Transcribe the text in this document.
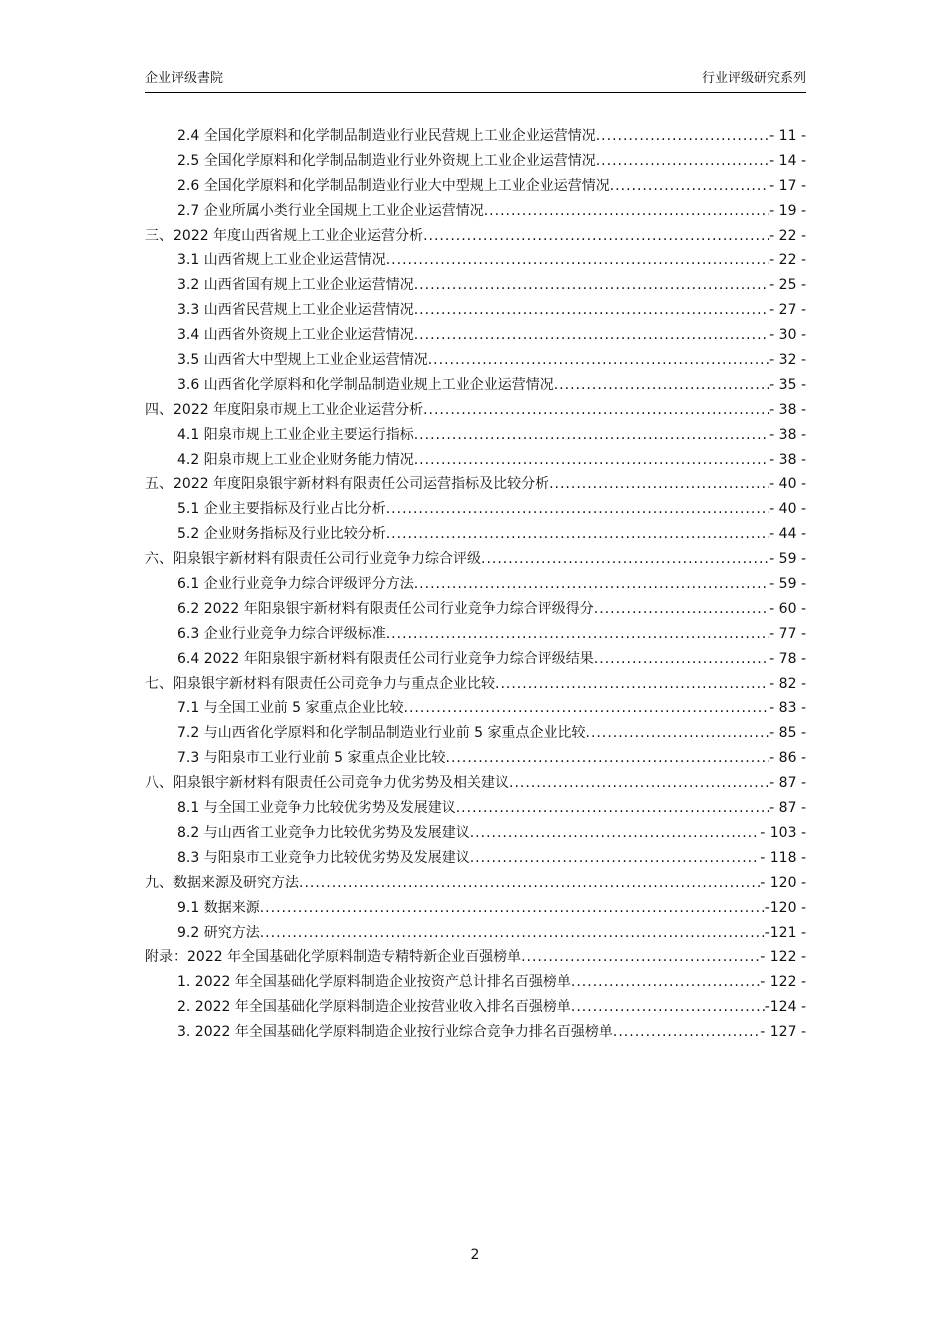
企业评级書院	行业评级研究系列
2.4 全国化学原料和化学制品制造业行业民营规上工业企业运营情况 .....	- 11 -
2.5 全国化学原料和化学制品制造业行业外资规上工业企业运营情况 .....	- 14 -
2.6 全国化学原料和化学制品制造业行业大中型规上工业企业运营情况 .....	- 17 -
2.7 企业所属小类行业全国规上工业企业运营情况 .....	- 19 -
三、2022 年度山西省规上工业企业运营分析 .....	- 22 -
3.1 山西省规上工业企业运营情况 .....	- 22 -
3.2 山西省国有规上工业企业运营情况 .....	- 25 -
3.3 山西省民营规上工业企业运营情况 .....	- 27 -
3.4 山西省外资规上工业企业运营情况 .....	- 30 -
3.5 山西省大中型规上工业企业运营情况 .....	- 32 -
3.6 山西省化学原料和化学制品制造业规上工业企业运营情况 .....	- 35 -
四、2022 年度阳泉市规上工业企业运营分析 .....	- 38 -
4.1 阳泉市规上工业企业主要运行指标 .....	- 38 -
4.2 阳泉市规上工业企业财务能力情况 .....	- 38 -
五、2022 年度阳泉银宇新材料有限责任公司运营指标及比较分析 .....	- 40 -
5.1 企业主要指标及行业占比分析 .....	- 40 -
5.2 企业财务指标及行业比较分析 .....	- 44 -
六、阳泉银宇新材料有限责任公司行业竞争力综合评级 .....	- 59 -
6.1 企业行业竞争力综合评级评分方法 .....	- 59 -
6.2 2022 年阳泉银宇新材料有限责任公司行业竞争力综合评级得分 .....	- 60 -
6.3 企业行业竞争力综合评级标准 .....	- 77 -
6.4 2022 年阳泉银宇新材料有限责任公司行业竞争力综合评级结果 .....	- 78 -
七、阳泉银宇新材料有限责任公司竞争力与重点企业比较 .....	- 82 -
7.1 与全国工业前 5 家重点企业比较 .....	- 83 -
7.2 与山西省化学原料和化学制品制造业行业前 5 家重点企业比较 .....	- 85 -
7.3 与阳泉市工业行业前 5 家重点企业比较 .....	- 86 -
八、阳泉银宇新材料有限责任公司竞争力优劣势及相关建议 .....	- 87 -
8.1 与全国工业竞争力比较优劣势及发展建议 .....	- 87 -
8.2 与山西省工业竞争力比较优劣势及发展建议 .....	- 103 -
8.3 与阳泉市工业竞争力比较优劣势及发展建议 .....	- 118 -
九、数据来源及研究方法 .....	- 120 -
9.1 数据来源 .....	-120 -
9.2 研究方法 .....	-121 -
附录：2022 年全国基础化学原料制造专精特新企业百强榜单 .....	- 122 -
1. 2022 年全国基础化学原料制造企业按资产总计排名百强榜单 .....	- 122 -
2. 2022 年全国基础化学原料制造企业按营业收入排名百强榜单 .....	-124 -
3. 2022 年全国基础化学原料制造企业按行业综合竞争力排名百强榜单 .....	- 127 -
2
